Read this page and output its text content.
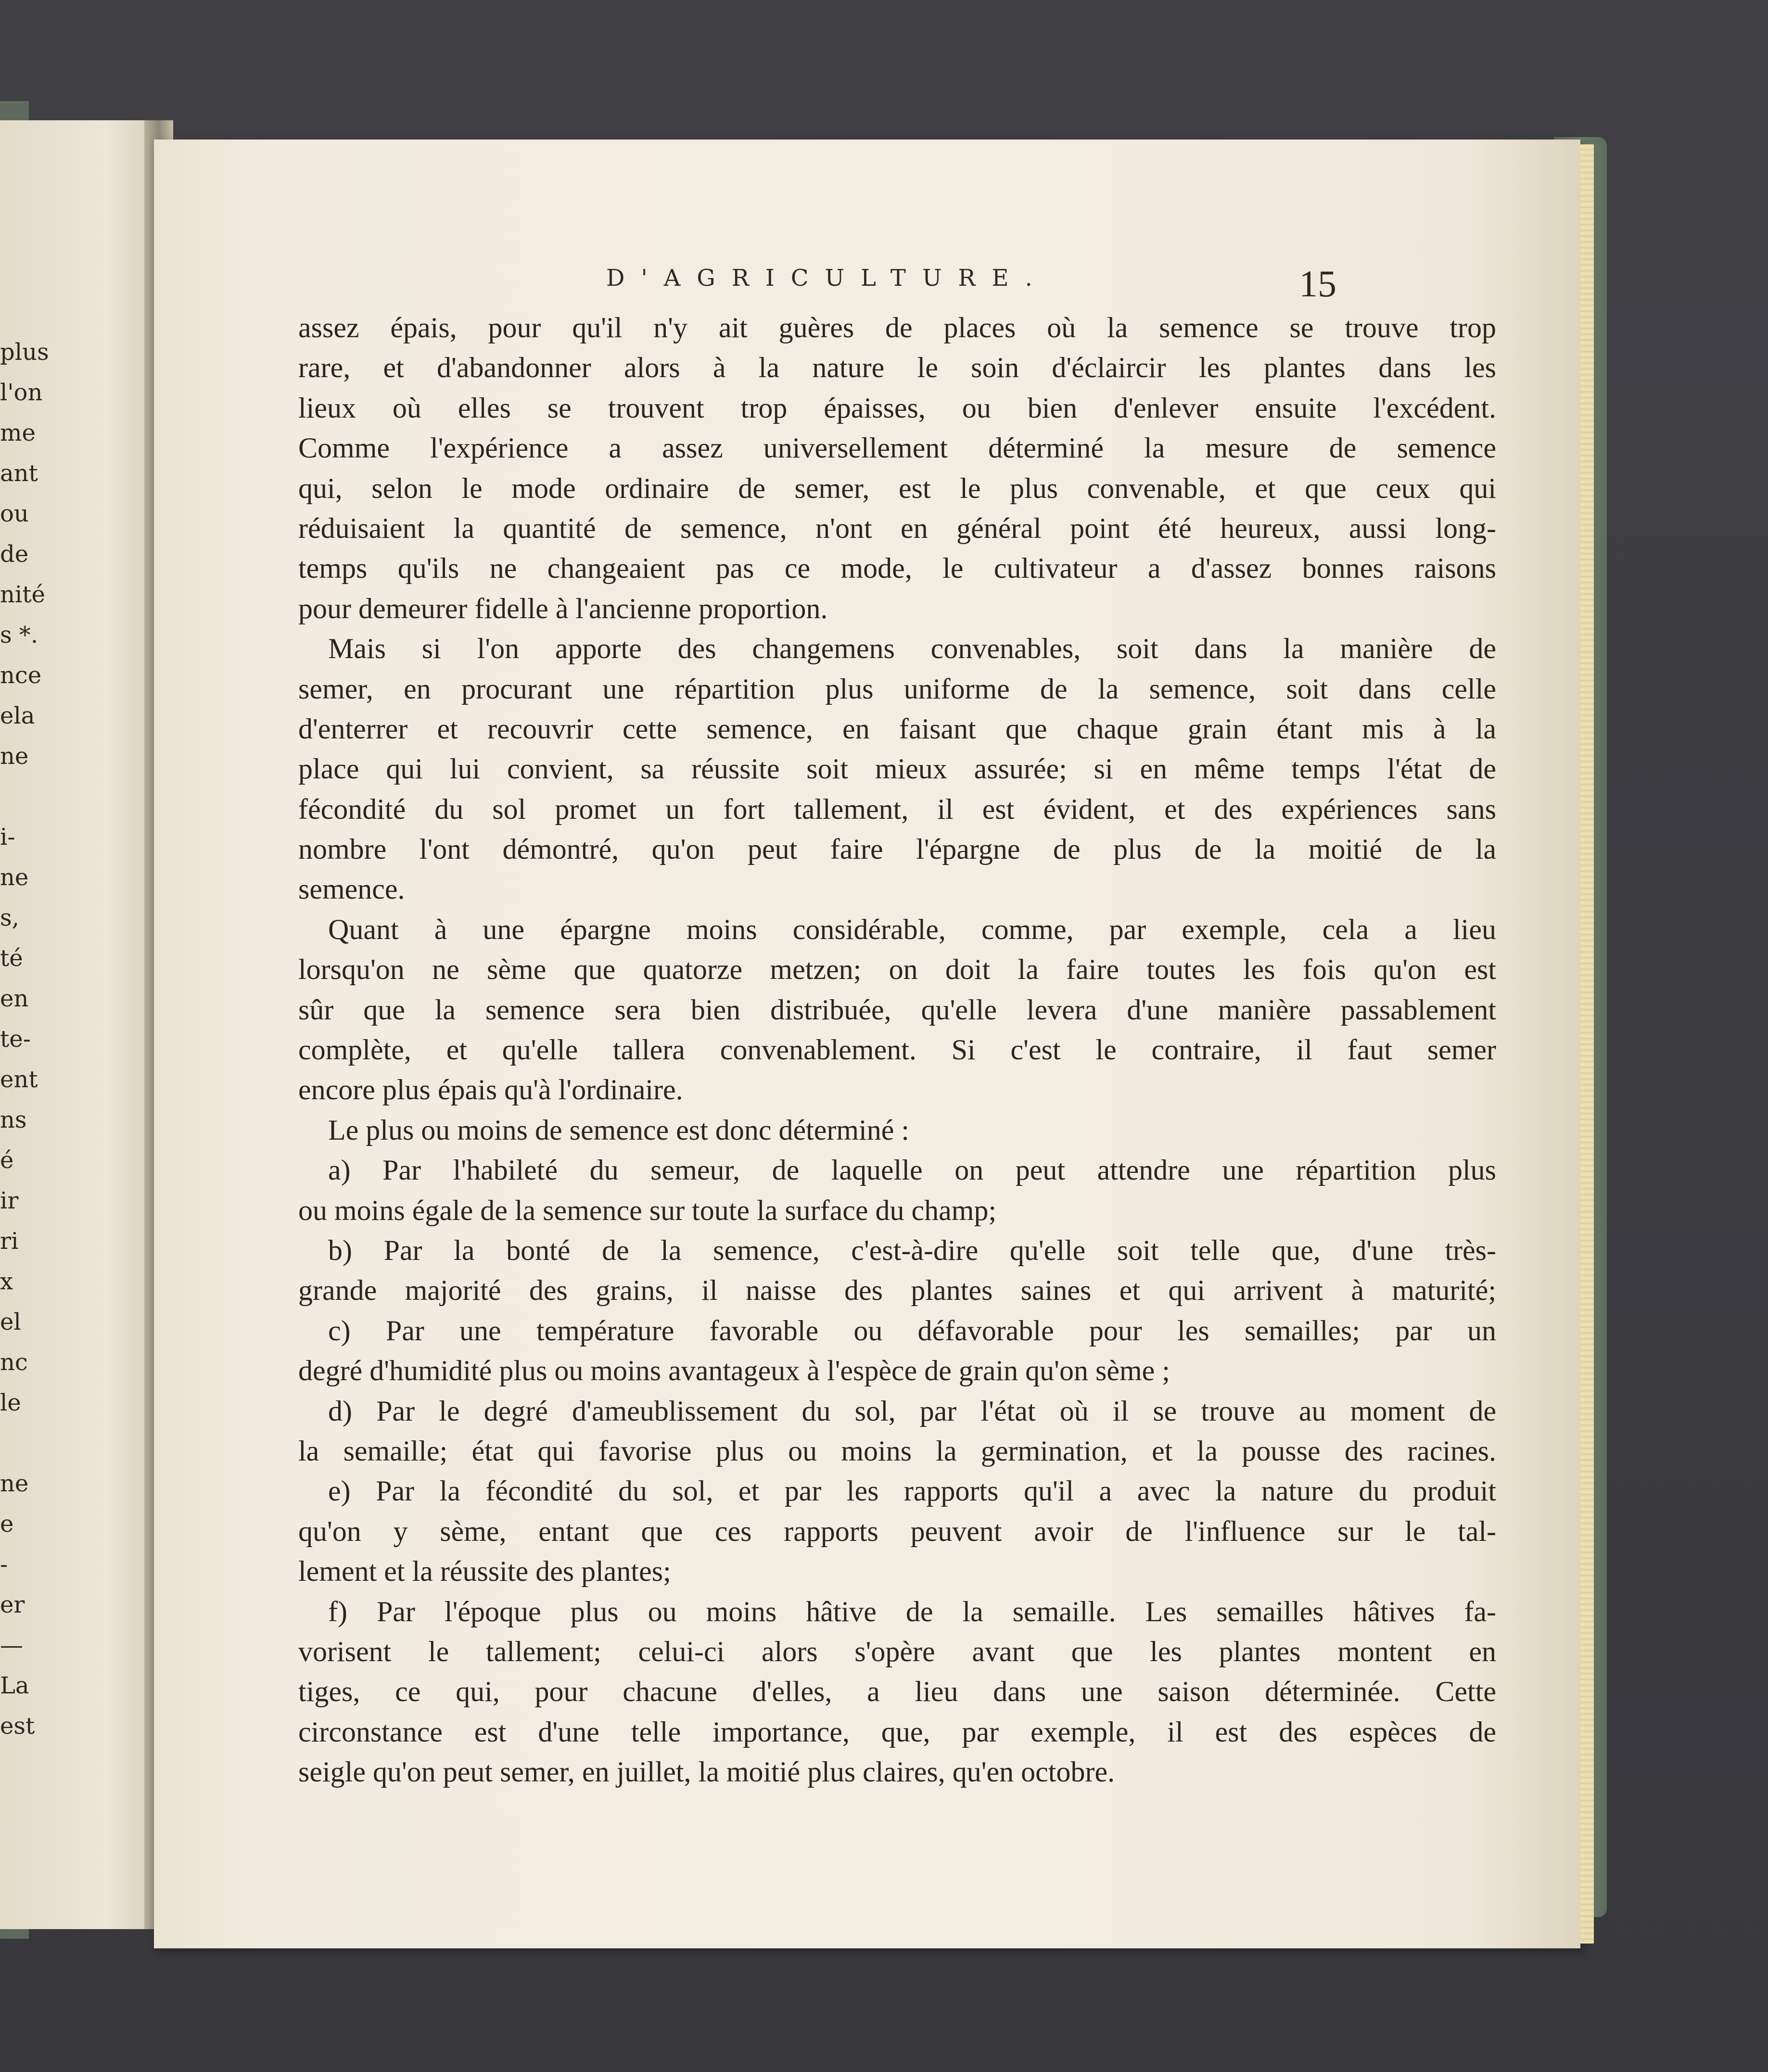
plus
l'on
me
ant
ou
de
nité
s *.
nce
ela
ne
i-
ne
s,
té
en
te-
ent
ns
é
ir
ri
x
el
nc
le
ne
e
-
er
—
La
est
D'AGRICULTURE.	15
assez épais, pour qu'il n'y ait guères de places où la semence se trouve trop
rare, et d'abandonner alors à la nature le soin d'éclaircir les plantes dans les
lieux où elles se trouvent trop épaisses, ou bien d'enlever ensuite l'excédent.
Comme l'expérience a assez universellement déterminé la mesure de semence
qui, selon le mode ordinaire de semer, est le plus convenable, et que ceux qui
réduisaient la quantité de semence, n'ont en général point été heureux, aussi long-
temps qu'ils ne changeaient pas ce mode, le cultivateur a d'assez bonnes raisons
pour demeurer fidelle à l'ancienne proportion.
Mais si l'on apporte des changemens convenables, soit dans la manière de
semer, en procurant une répartition plus uniforme de la semence, soit dans celle
d'enterrer et recouvrir cette semence, en faisant que chaque grain étant mis à la
place qui lui convient, sa réussite soit mieux assurée; si en même temps l'état de
fécondité du sol promet un fort tallement, il est évident, et des expériences sans
nombre l'ont démontré, qu'on peut faire l'épargne de plus de la moitié de la
semence.
Quant à une épargne moins considérable, comme, par exemple, cela a lieu
lorsqu'on ne sème que quatorze metzen; on doit la faire toutes les fois qu'on est
sûr que la semence sera bien distribuée, qu'elle levera d'une manière passablement
complète, et qu'elle tallera convenablement. Si c'est le contraire, il faut semer
encore plus épais qu'à l'ordinaire.
Le plus ou moins de semence est donc déterminé :
a) Par l'habileté du semeur, de laquelle on peut attendre une répartition plus
ou moins égale de la semence sur toute la surface du champ;
b) Par la bonté de la semence, c'est-à-dire qu'elle soit telle que, d'une très-
grande majorité des grains, il naisse des plantes saines et qui arrivent à maturité;
c) Par une température favorable ou défavorable pour les semailles; par un
degré d'humidité plus ou moins avantageux à l'espèce de grain qu'on sème ;
d) Par le degré d'ameublissement du sol, par l'état où il se trouve au moment de
la semaille; état qui favorise plus ou moins la germination, et la pousse des racines.
e) Par la fécondité du sol, et par les rapports qu'il a avec la nature du produit
qu'on y sème, entant que ces rapports peuvent avoir de l'influence sur le tal-
lement et la réussite des plantes;
f) Par l'époque plus ou moins hâtive de la semaille. Les semailles hâtives fa-
vorisent le tallement; celui-ci alors s'opère avant que les plantes montent en
tiges, ce qui, pour chacune d'elles, a lieu dans une saison déterminée. Cette
circonstance est d'une telle importance, que, par exemple, il est des espèces de
seigle qu'on peut semer, en juillet, la moitié plus claires, qu'en octobre.
